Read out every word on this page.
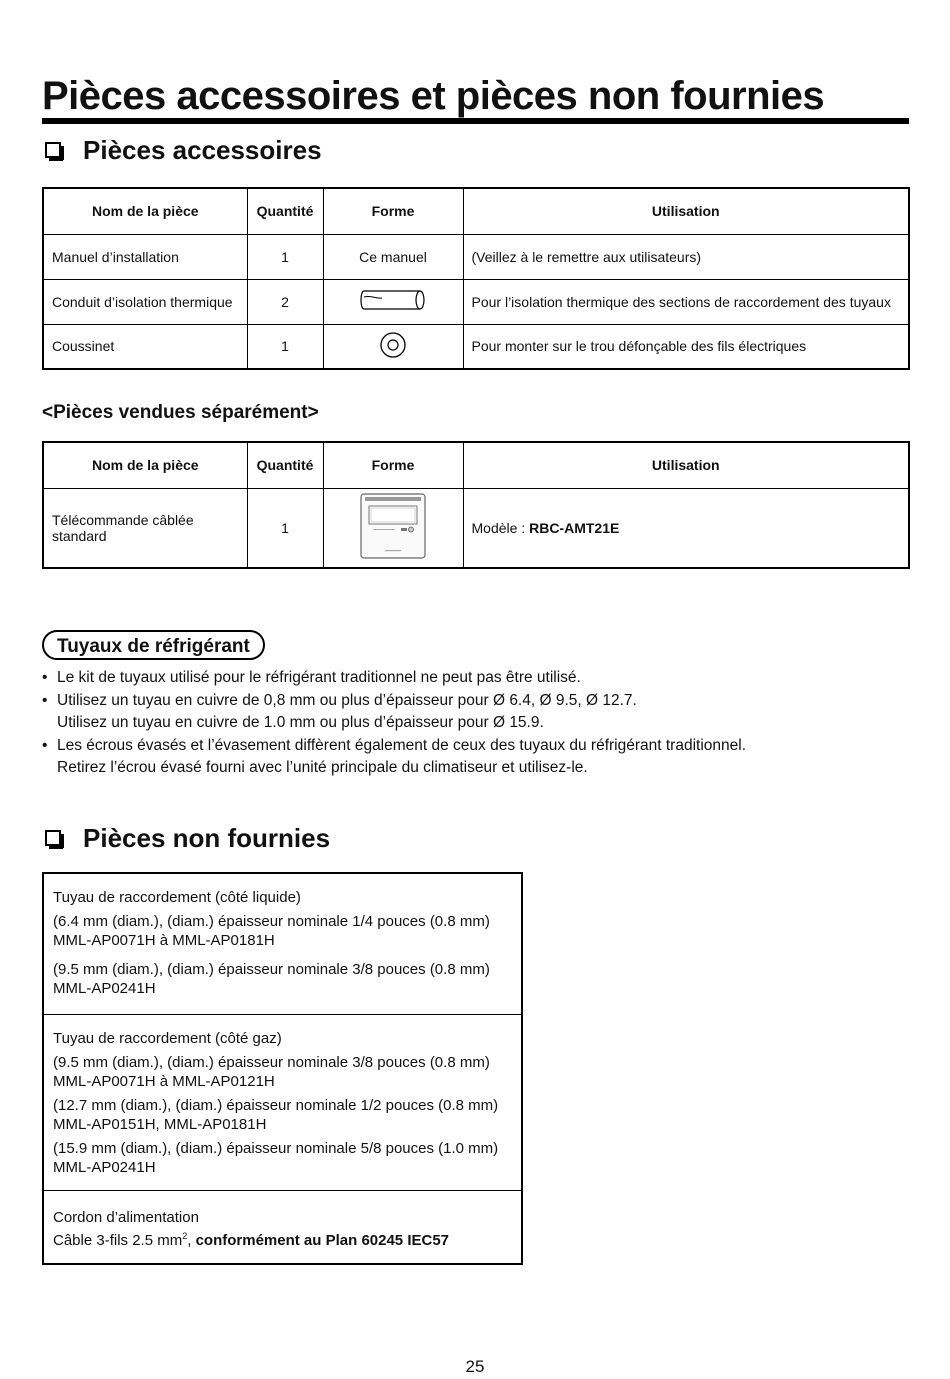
Pièces accessoires et pièces non fournies
Pièces accessoires
Nom de la pièce	Quantité	Forme	Utilisation
Manuel d’installation	1	Ce manuel	(Veillez à le remettre aux utilisateurs)
Conduit d’isolation thermique	2		Pour l’isolation thermique des sections de raccordement des tuyaux
Coussinet	1		Pour monter sur le trou défonçable des fils électriques
<Pièces vendues séparément>
Nom de la pièce	Quantité	Forme	Utilisation
Télécommande câblée standard	1		Modèle : RBC-AMT21E
Tuyaux de réfrigérant
• Le kit de tuyaux utilisé pour le réfrigérant traditionnel ne peut pas être utilisé.
• Utilisez un tuyau en cuivre de 0,8 mm ou plus d’épaisseur pour Ø 6.4, Ø 9.5, Ø 12.7.
Utilisez un tuyau en cuivre de 1.0 mm ou plus d’épaisseur pour Ø 15.9.
• Les écrous évasés et l’évasement diffèrent également de ceux des tuyaux du réfrigérant traditionnel.
Retirez l’écrou évasé fourni avec l’unité principale du climatiseur et utilisez-le.
Pièces non fournies

Tuyau de raccordement (côté liquide)

(6.4 mm (diam.), (diam.) épaisseur nominale 1/4 pouces (0.8 mm)
MML-AP0071H à MML-AP0181H

(9.5 mm (diam.), (diam.) épaisseur nominale 3/8 pouces (0.8 mm)
MML-AP0241H

Tuyau de raccordement (côté gaz)

(9.5 mm (diam.), (diam.) épaisseur nominale 3/8 pouces (0.8 mm)
MML-AP0071H à MML-AP0121H

(12.7 mm (diam.), (diam.) épaisseur nominale 1/2 pouces (0.8 mm)
MML-AP0151H, MML-AP0181H

(15.9 mm (diam.), (diam.) épaisseur nominale 5/8 pouces (1.0 mm)
MML-AP0241H

Cordon d’alimentation

Câble 3-fils 2.5 $mm^2$, conformément au Plan 60245 IEC57

25
